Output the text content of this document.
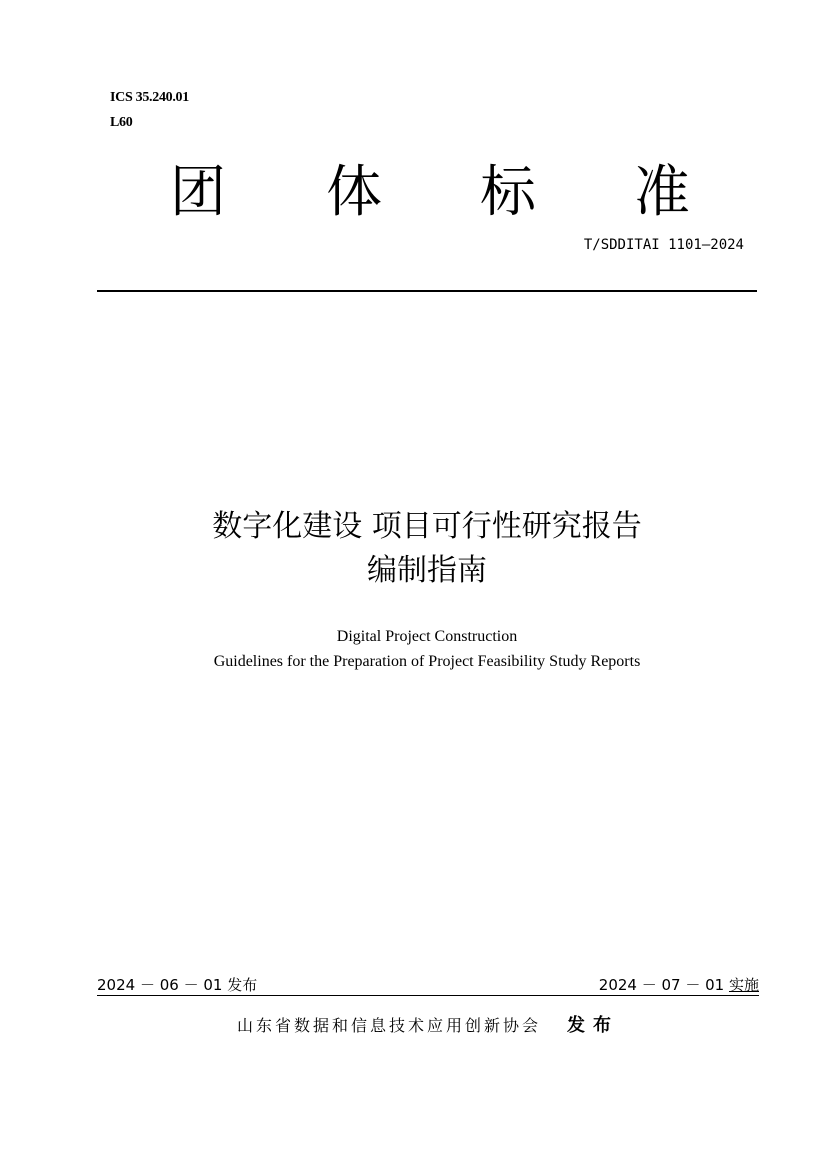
ICS 35.240.01
L60
团 体 标 准
T/SDDITAI 1101—2024
数字化建设 项目可行性研究报告
编制指南
Digital Project Construction
Guidelines for the Preparation of Project Feasibility Study Reports
2024 － 06 － 01 发布	2024 － 07 － 01 实施
山东省数据和信息技术应用创新协会 发布
